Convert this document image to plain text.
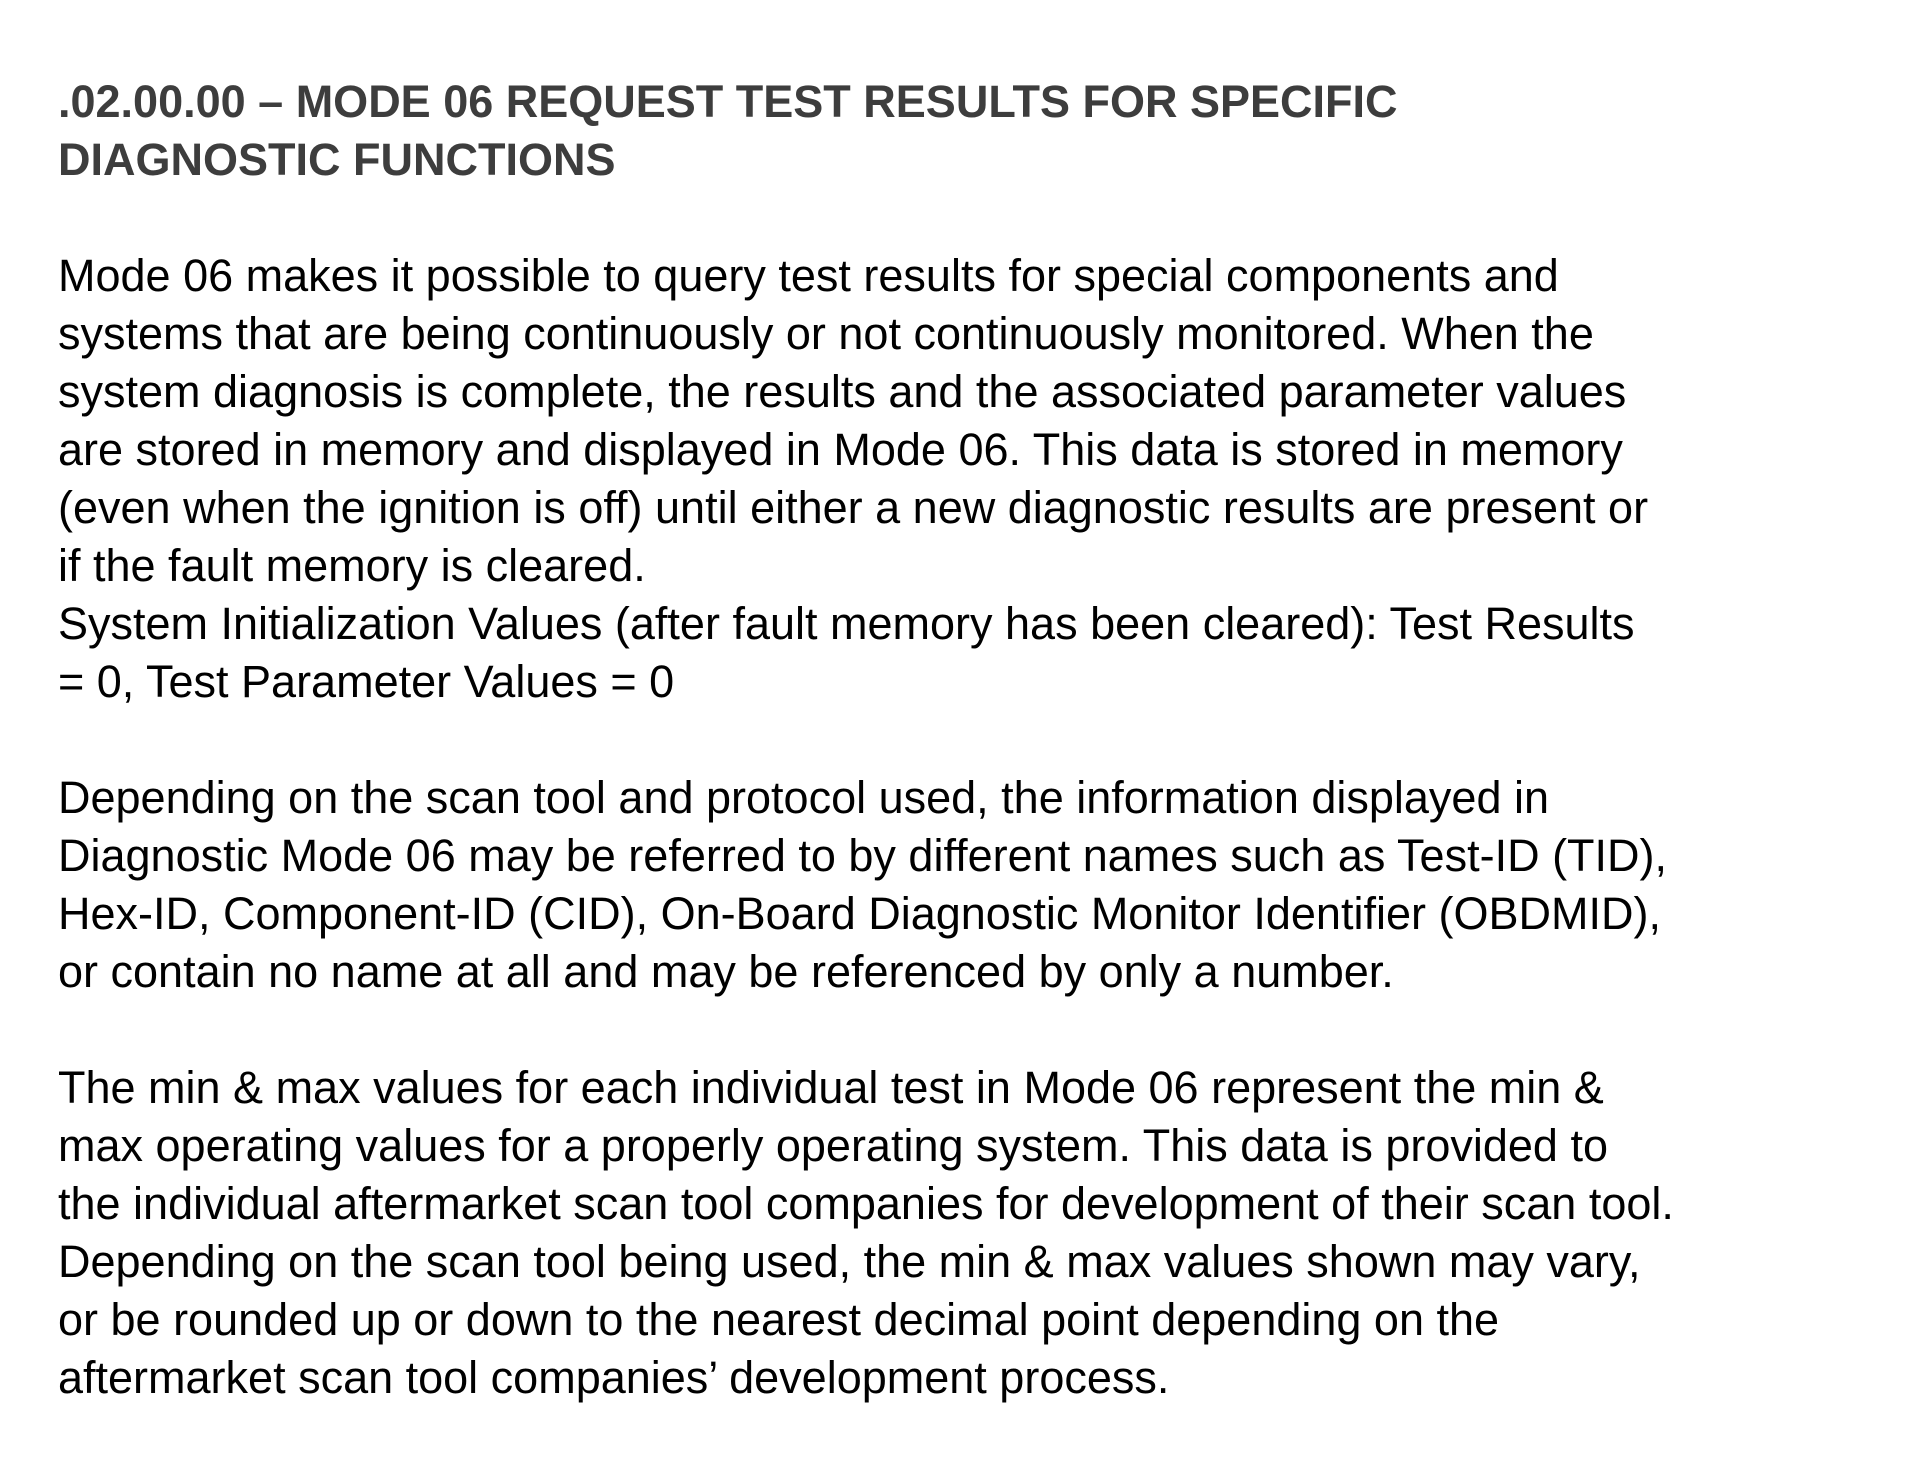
.02.00.00 – MODE 06 REQUEST TEST RESULTS FOR SPECIFIC
DIAGNOSTIC FUNCTIONS

Mode 06 makes it possible to query test results for special components and
systems that are being continuously or not continuously monitored. When the
system diagnosis is complete, the results and the associated parameter values
are stored in memory and displayed in Mode 06. This data is stored in memory
(even when the ignition is off) until either a new diagnostic results are present or
if the fault memory is cleared.
System Initialization Values (after fault memory has been cleared): Test Results
= 0, Test Parameter Values = 0

Depending on the scan tool and protocol used, the information displayed in
Diagnostic Mode 06 may be referred to by different names such as Test-ID (TID),
Hex-ID, Component-ID (CID), On-Board Diagnostic Monitor Identifier (OBDMID),
or contain no name at all and may be referenced by only a number.

The min & max values for each individual test in Mode 06 represent the min &
max operating values for a properly operating system. This data is provided to
the individual aftermarket scan tool companies for development of their scan tool.
Depending on the scan tool being used, the min & max values shown may vary,
or be rounded up or down to the nearest decimal point depending on the
aftermarket scan tool companies’ development process.
